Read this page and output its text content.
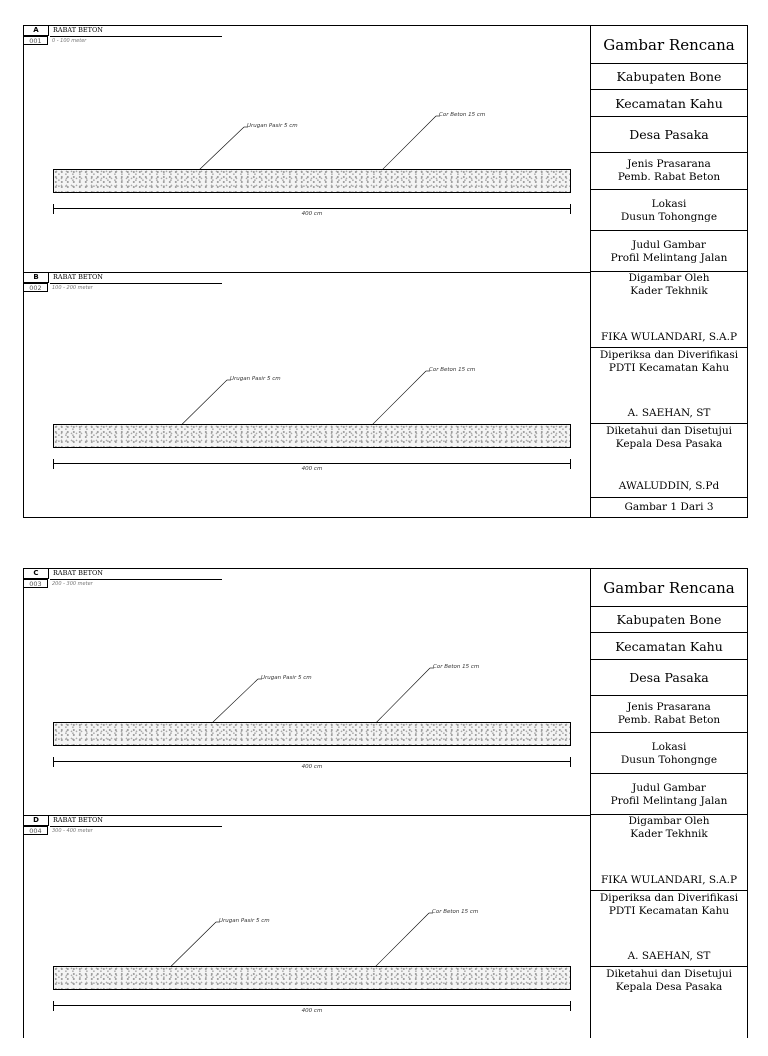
A
001
RABAT BETON
0 - 100 meter
Urugan Pasir 5 cm
Cor Beton 15 cm
400 cm
B
002
RABAT BETON
100 - 200 meter
Urugan Pasir 5 cm
Cor Beton 15 cm
400 cm
Gambar Rencana
Kabupaten Bone
Kecamatan Kahu
Desa Pasaka
Jenis Prasarana
Pemb. Rabat Beton
Lokasi
Dusun Tohongnge
Judul Gambar
Profil Melintang Jalan
Digambar Oleh
Kader Tekhnik
FIKA WULANDARI, S.A.P
Diperiksa dan Diverifikasi
PDTI Kecamatan Kahu
A. SAEHAN, ST
Diketahui dan Disetujui
Kepala Desa Pasaka
AWALUDDIN, S.Pd
Gambar 1 Dari 3
C
003
RABAT BETON
200 - 300 meter
Urugan Pasir 5 cm
Cor Beton 15 cm
400 cm
D
004
RABAT BETON
300 - 400 meter
Urugan Pasir 5 cm
Cor Beton 15 cm
400 cm
Gambar Rencana
Kabupaten Bone
Kecamatan Kahu
Desa Pasaka
Jenis Prasarana
Pemb. Rabat Beton
Lokasi
Dusun Tohongnge
Judul Gambar
Profil Melintang Jalan
Digambar Oleh
Kader Tekhnik
FIKA WULANDARI, S.A.P
Diperiksa dan Diverifikasi
PDTI Kecamatan Kahu
A. SAEHAN, ST
Diketahui dan Disetujui
Kepala Desa Pasaka
